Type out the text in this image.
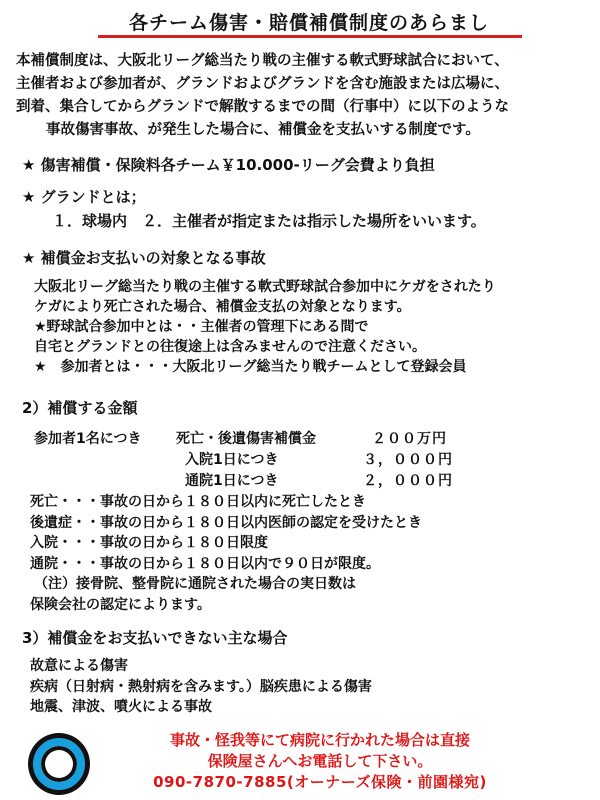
各チーム傷害・賠償補償制度のあらまし
本補償制度は、大阪北リーグ総当たり戦の主催する軟式野球試合において、
主催者および参加者が、グランドおよびグランドを含む施設または広場に、
到着、集合してからグランドで解散するまでの間（行事中）に以下のような
事故傷害事故、が発生した場合に、補償金を支払いする制度です。
★ 傷害補償・保険料各チーム￥10.000-リーグ会費より負担
★ グランドとは；
１．球場内　２．主催者が指定または指示した場所をいいます。
★ 補償金お支払いの対象となる事故
大阪北リーグ総当たり戦の主催する軟式野球試合参加中にケガをされたり
ケガにより死亡された場合、補償金支払の対象となります。
★野球試合参加中とは・・主催者の管理下にある間で
自宅とグランドとの往復途上は含みませんので注意ください。
★　参加者とは・・・大阪北リーグ総当たり戦チームとして登録会員
2）補償する金額
参加者1名につき 死亡・後遺傷害補償金	２００万円
入院1日につき	３，０００円
通院1日につき	２，０００円
死亡・・・事故の日から１８０日以内に死亡したとき
後遺症・・事故の日から１８０日以内医師の認定を受けたとき
入院・・・事故の日から１８０日限度
通院・・・事故の日から１８０日以内で９０日が限度。
（注）接骨院、整骨院に通院された場合の実日数は
保険会社の認定によります。
3）補償金をお支払いできない主な場合
故意による傷害
疾病（日射病・熱射病を含みます。）脳疾患による傷害
地震、津波、噴火による事故
事故・怪我等にて病院に行かれた場合は直接
保険屋さんへお電話して下さい。
090-7870-7885(オーナーズ保険・前園様宛)
